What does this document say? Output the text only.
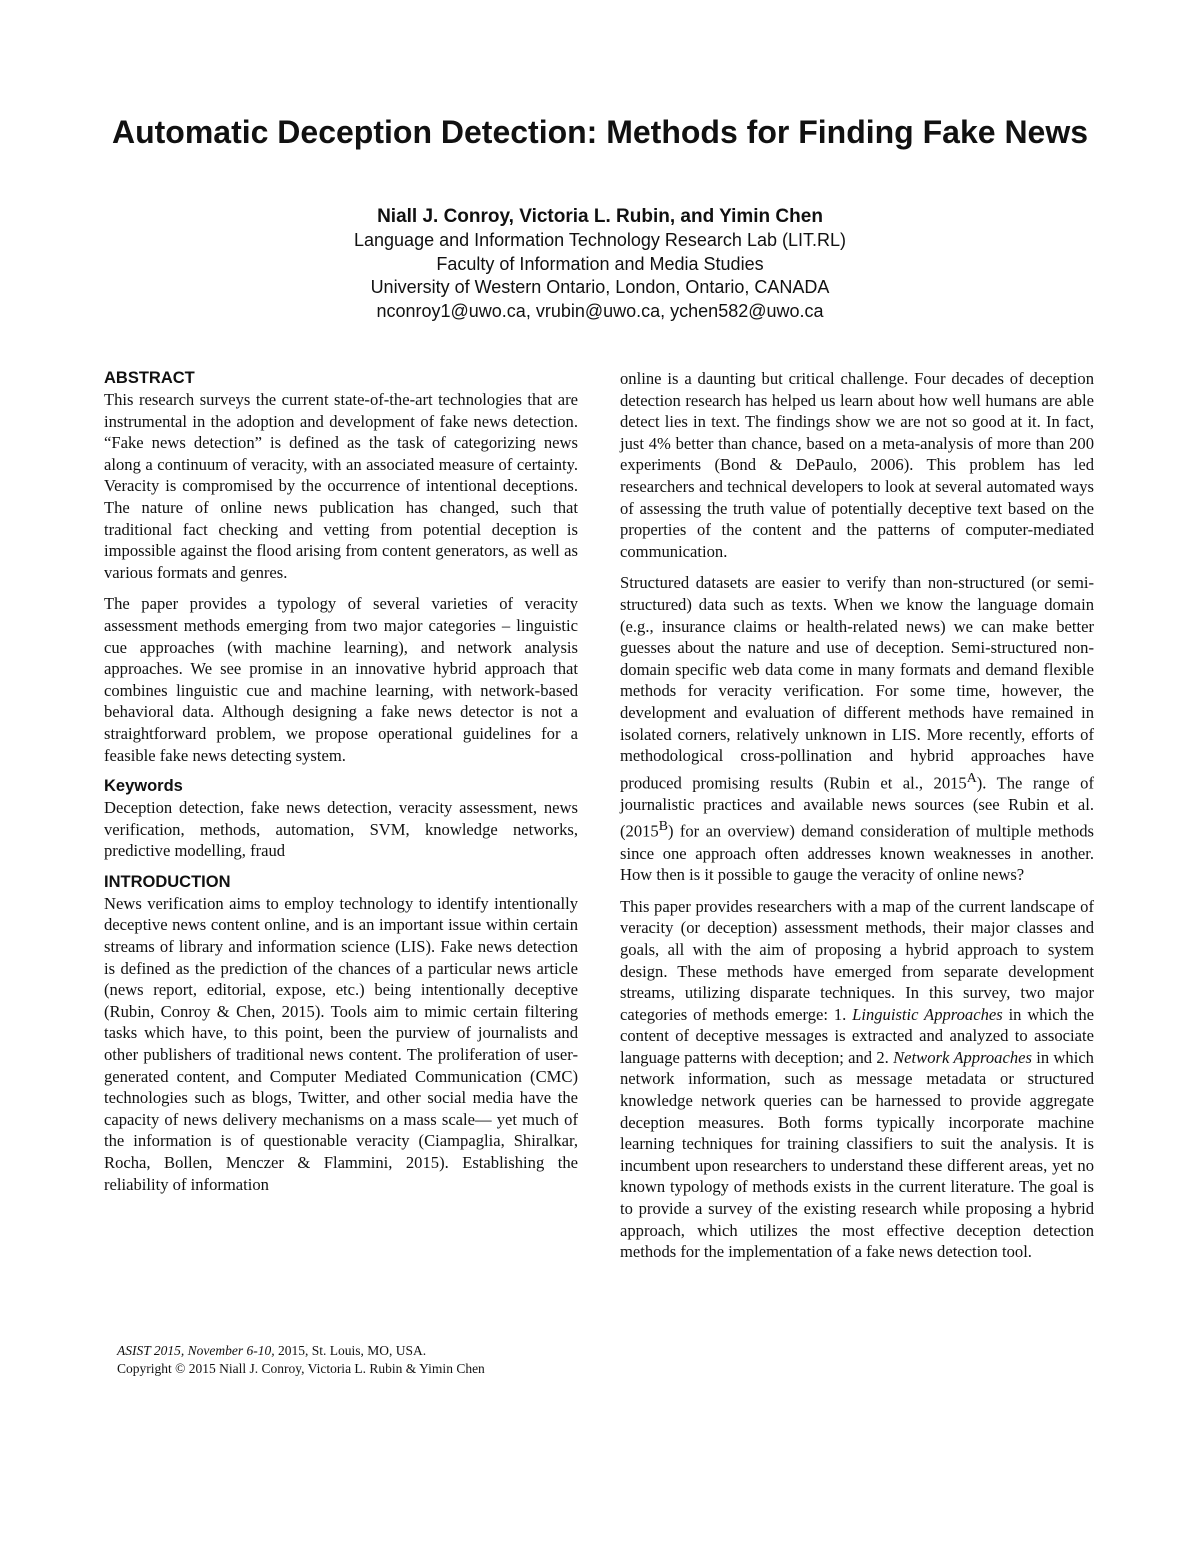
Automatic Deception Detection: Methods for Finding Fake News
Niall J. Conroy, Victoria L. Rubin, and Yimin Chen
Language and Information Technology Research Lab (LIT.RL)
Faculty of Information and Media Studies
University of Western Ontario, London, Ontario, CANADA
nconroy1@uwo.ca, vrubin@uwo.ca, ychen582@uwo.ca
ABSTRACT

This research surveys the current state-of-the-art technologies that are instrumental in the adoption and development of fake news detection. “Fake news detection” is defined as the task of categorizing news along a continuum of veracity, with an associated measure of certainty. Veracity is compromised by the occurrence of intentional deceptions. The nature of online news publication has changed, such that traditional fact checking and vetting from potential deception is impossible against the flood arising from content generators, as well as various formats and genres.

The paper provides a typology of several varieties of veracity assessment methods emerging from two major categories – linguistic cue approaches (with machine learning), and network analysis approaches. We see promise in an innovative hybrid approach that combines linguistic cue and machine learning, with network-based behavioral data. Although designing a fake news detector is not a straightforward problem, we propose operational guidelines for a feasible fake news detecting system.

Keywords

Deception detection, fake news detection, veracity assessment, news verification, methods, automation, SVM, knowledge networks, predictive modelling, fraud

INTRODUCTION

News verification aims to employ technology to identify intentionally deceptive news content online, and is an important issue within certain streams of library and information science (LIS). Fake news detection is defined as the prediction of the chances of a particular news article (news report, editorial, expose, etc.) being intentionally deceptive (Rubin, Conroy & Chen, 2015). Tools aim to mimic certain filtering tasks which have, to this point, been the purview of journalists and other publishers of traditional news content. The proliferation of user-generated content, and Computer Mediated Communication (CMC) technologies such as blogs, Twitter, and other social media have the capacity of news delivery mechanisms on a mass scale— yet much of the information is of questionable veracity (Ciampaglia, Shiralkar, Rocha, Bollen, Menczer & Flammini, 2015). Establishing the reliability of information

ASIST 2015, November 6-10, 2015, St. Louis, MO, USA.
Copyright © 2015 Niall J. Conroy, Victoria L. Rubin & Yimin Chen

online is a daunting but critical challenge. Four decades of deception detection research has helped us learn about how well humans are able detect lies in text. The findings show we are not so good at it. In fact, just 4% better than chance, based on a meta-analysis of more than 200 experiments (Bond & DePaulo, 2006). This problem has led researchers and technical developers to look at several automated ways of assessing the truth value of potentially deceptive text based on the properties of the content and the patterns of computer-mediated communication.

Structured datasets are easier to verify than non-structured (or semi-structured) data such as texts. When we know the language domain (e.g., insurance claims or health-related news) we can make better guesses about the nature and use of deception. Semi-structured non-domain specific web data come in many formats and demand flexible methods for veracity verification. For some time, however, the development and evaluation of different methods have remained in isolated corners, relatively unknown in LIS. More recently, efforts of methodological cross-pollination and hybrid approaches have produced promising results (Rubin et al., $2015^A$). The range of journalistic practices and available news sources (see Rubin et al. $(2015^B)$ for an overview) demand consideration of multiple methods since one approach often addresses known weaknesses in another. How then is it possible to gauge the veracity of online news?

This paper provides researchers with a map of the current landscape of veracity (or deception) assessment methods, their major classes and goals, all with the aim of proposing a hybrid approach to system design. These methods have emerged from separate development streams, utilizing disparate techniques. In this survey, two major categories of methods emerge: 1. Linguistic Approaches in which the content of deceptive messages is extracted and analyzed to associate language patterns with deception; and 2. Network Approaches in which network information, such as message metadata or structured knowledge network queries can be harnessed to provide aggregate deception measures. Both forms typically incorporate machine learning techniques for training classifiers to suit the analysis. It is incumbent upon researchers to understand these different areas, yet no known typology of methods exists in the current literature. The goal is to provide a survey of the existing research while proposing a hybrid approach, which utilizes the most effective deception detection methods for the implementation of a fake news detection tool.
